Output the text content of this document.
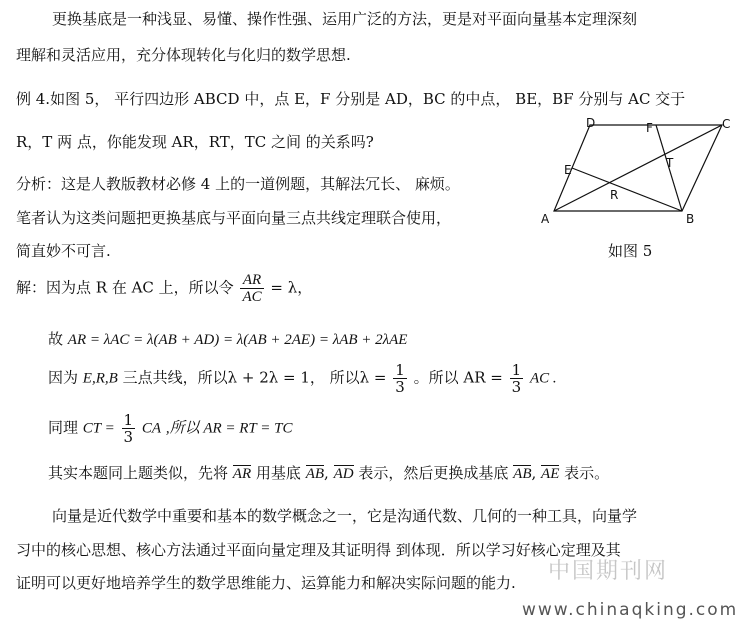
更换基底是一种浅显、易懂、操作性强、运用广泛的方法，更是对平面向量基本定理深刻
理解和灵活应用，充分体现转化与化归的数学思想.
例 4.如图 5， 平行四边形 ABCD 中，点 E，F 分别是 AD，BC 的中点， BE，BF 分别与 AC 交于
R，T 两 点，你能发现 AR，RT，TC 之间 的关系吗?
分析：这是人教版教材必修 4 上的一道例题，其解法冗长、 麻烦。
笔者认为这类问题把更换基底与平面向量三点共线定理联合使用，
简直妙不可言.
A	B
C
D
E
F
R
T
如图 5
解：因为点 R 在 AC 上，所以令 $\frac{AR}{AC} = \lambda$，
故 AR = λAC = λ(AB + AD) = λ(AB + 2AE) = λAB + 2λAE
因为 E,R,B 三点共线，所以λ + 2λ = 1， 所以$\lambda = \frac{1}{3}$ 。所以 AR = $\frac{1}{3}$ AC .
同理 CT = $\frac{1}{3}$ CA ,所以 AR = RT = TC
其实本题同上题类似，先将 AR 用基底 AB, AD 表示，然后更换成基底 AB, AE 表示。
向量是近代数学中重要和基本的数学概念之一，它是沟通代数、几何的一种工具，向量学
习中的核心思想、核心方法通过平面向量定理及其证明得 到体现．所以学习好核心定理及其
证明可以更好地培养学生的数学思维能力、运算能力和解决实际问题的能力. 中国期刊网
www.chinaqking.com
